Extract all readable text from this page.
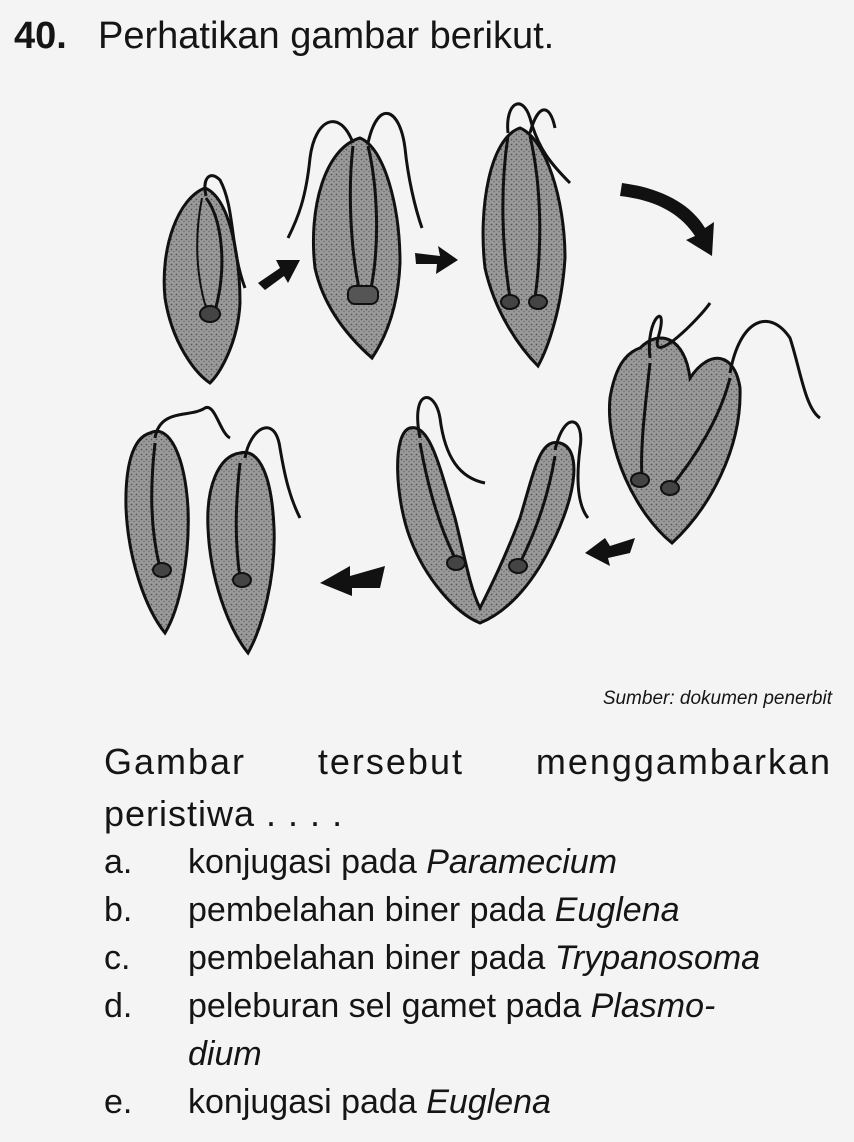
40. Perhatikan gambar berikut.
Sumber: dokumen penerbit
Gambar tersebut menggambarkan
peristiwa . . . .
a. konjugasi pada Paramecium
b. pembelahan biner pada Euglena
c. pembelahan biner pada Trypanosoma
d. peleburan sel gamet pada Plasmo-
dium
e. konjugasi pada Euglena
